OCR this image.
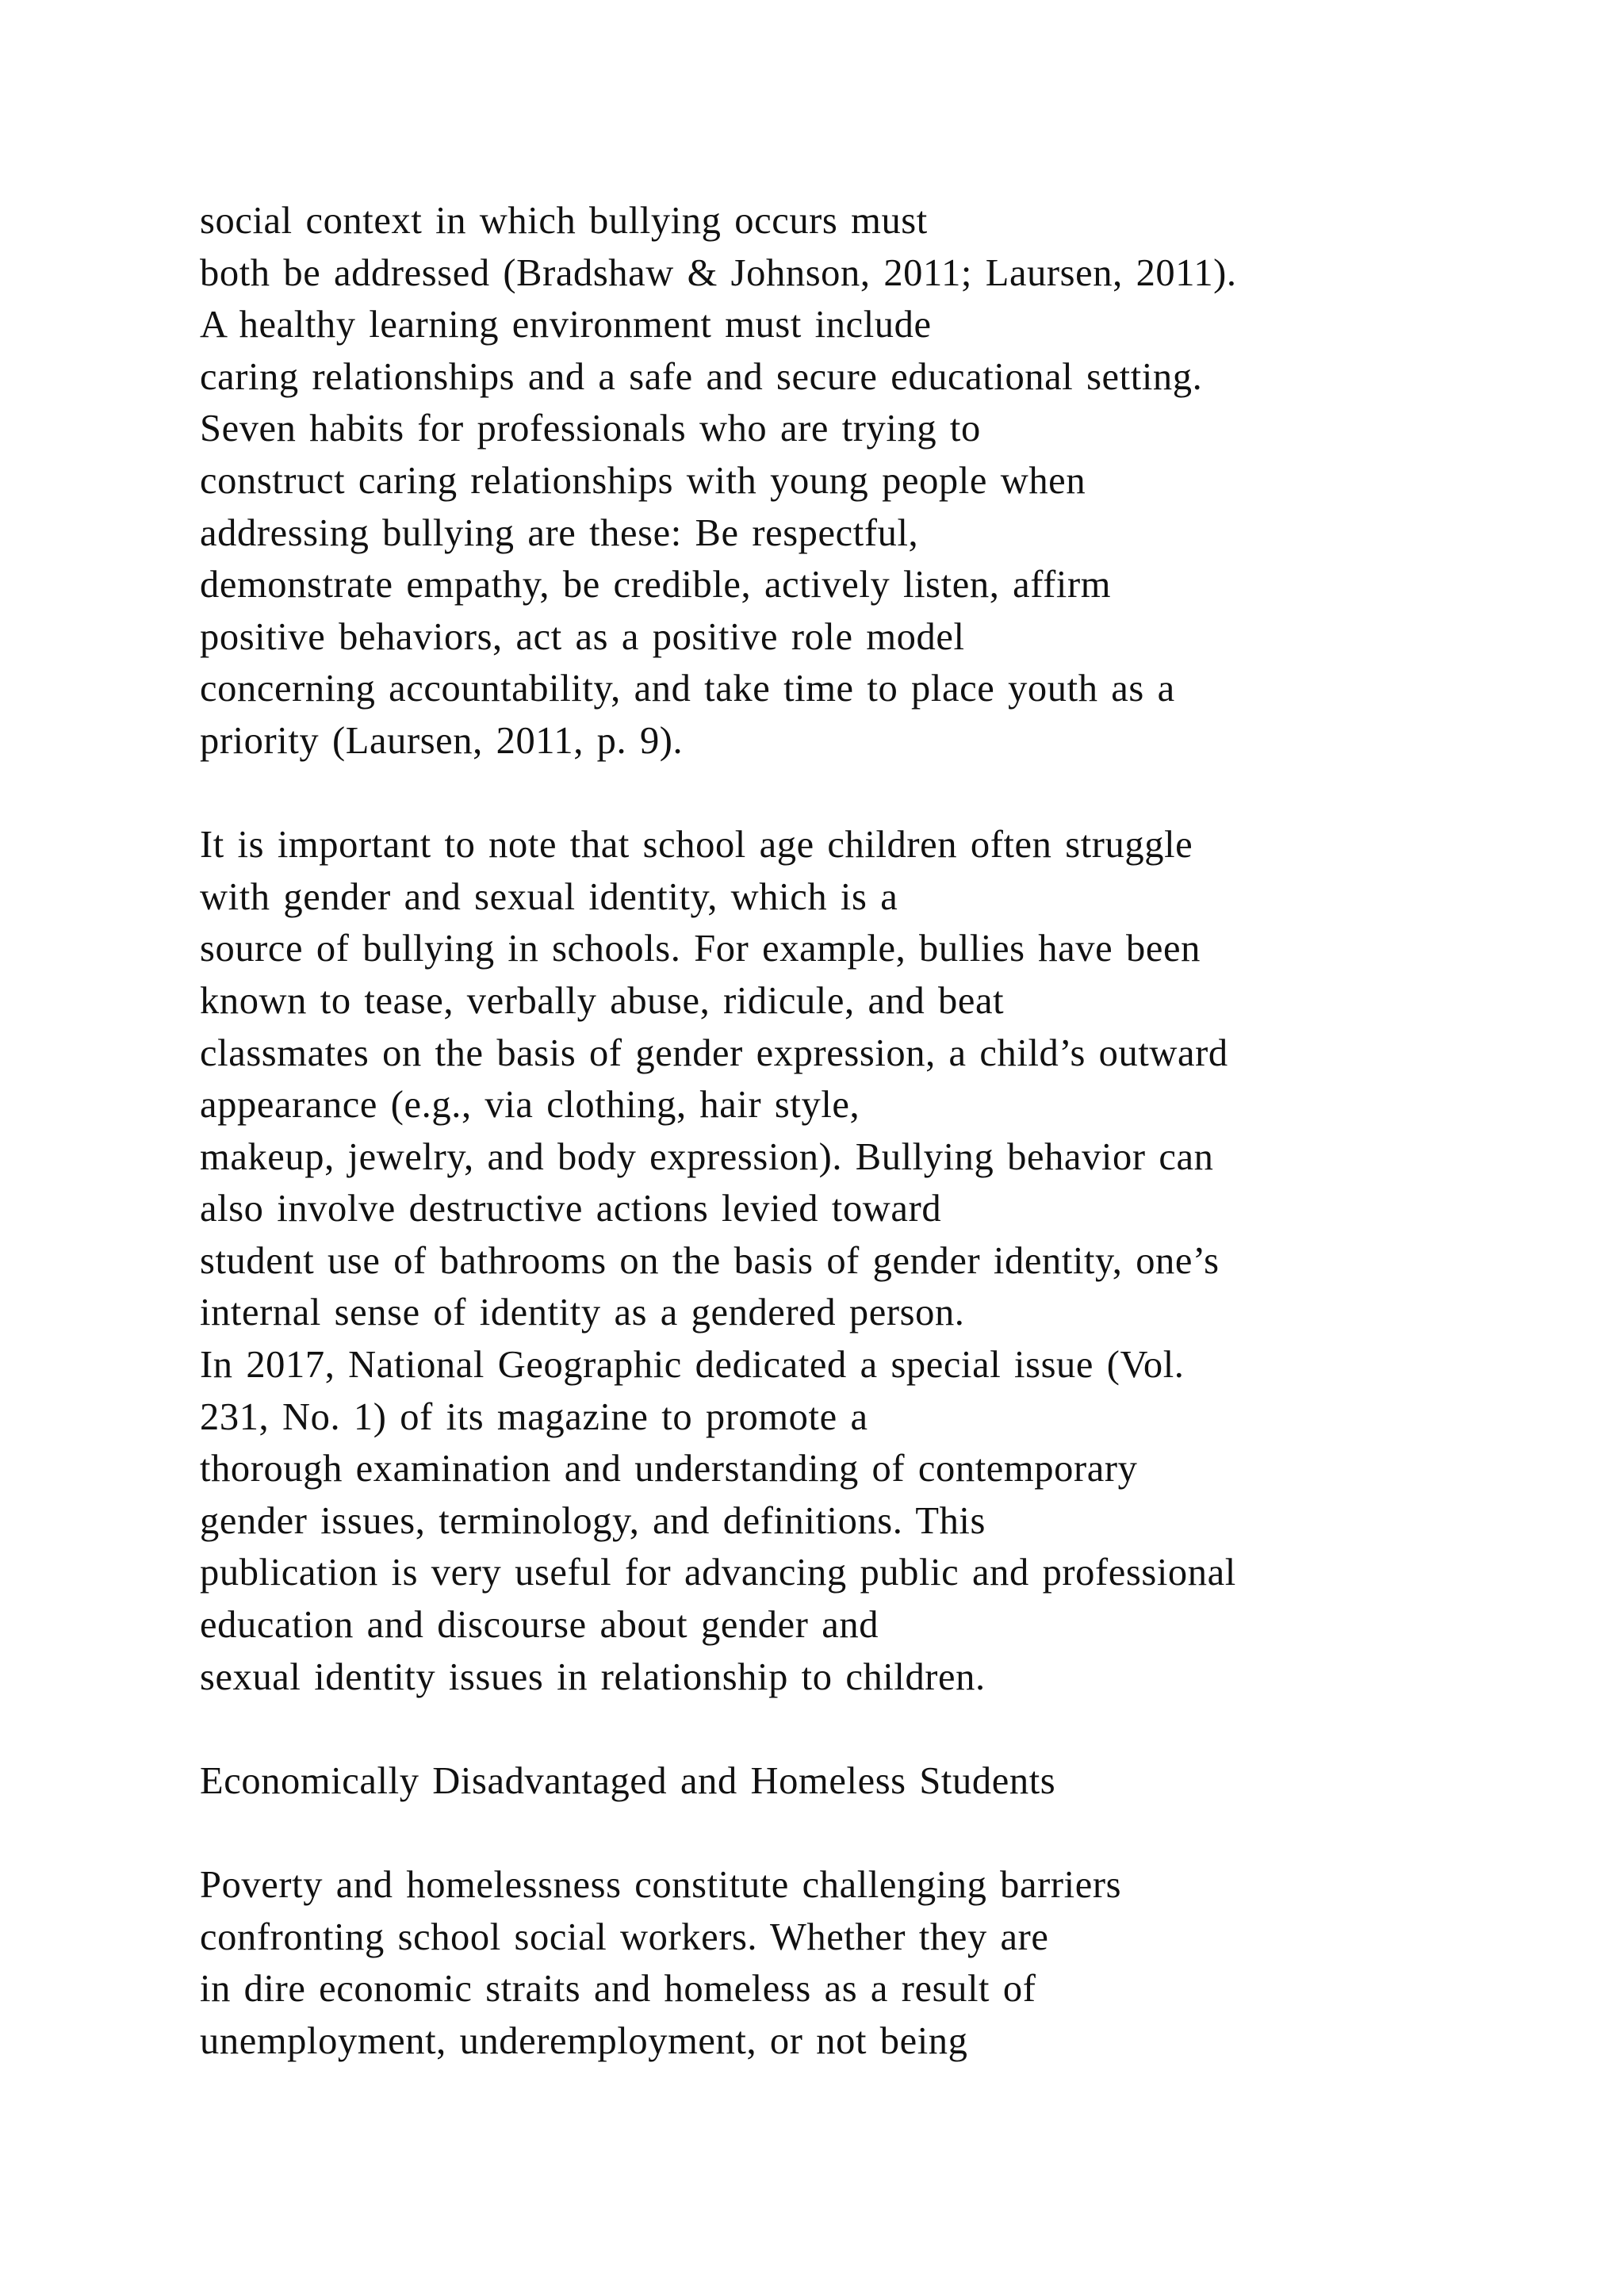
social context in which bullying occurs must
both be addressed (Bradshaw & Johnson, 2011; Laursen, 2011).
A healthy learning environment must include
caring relationships and a safe and secure educational setting.
Seven habits for professionals who are trying to
construct caring relationships with young people when
addressing bullying are these: Be respectful,
demonstrate empathy, be credible, actively listen, affirm
positive behaviors, act as a positive role model
concerning accountability, and take time to place youth as a
priority (Laursen, 2011, p. 9).
It is important to note that school age children often struggle
with gender and sexual identity, which is a
source of bullying in schools. For example, bullies have been
known to tease, verbally abuse, ridicule, and beat
classmates on the basis of gender expression, a child’s outward
appearance (e.g., via clothing, hair style,
makeup, jewelry, and body expression). Bullying behavior can
also involve destructive actions levied toward
student use of bathrooms on the basis of gender identity, one’s
internal sense of identity as a gendered person.
In 2017, National Geographic dedicated a special issue (Vol.
231, No. 1) of its magazine to promote a
thorough examination and understanding of contemporary
gender issues, terminology, and definitions. This
publication is very useful for advancing public and professional
education and discourse about gender and
sexual identity issues in relationship to children.
Economically Disadvantaged and Homeless Students
Poverty and homelessness constitute challenging barriers
confronting school social workers. Whether they are
in dire economic straits and homeless as a result of
unemployment, underemployment, or not being
